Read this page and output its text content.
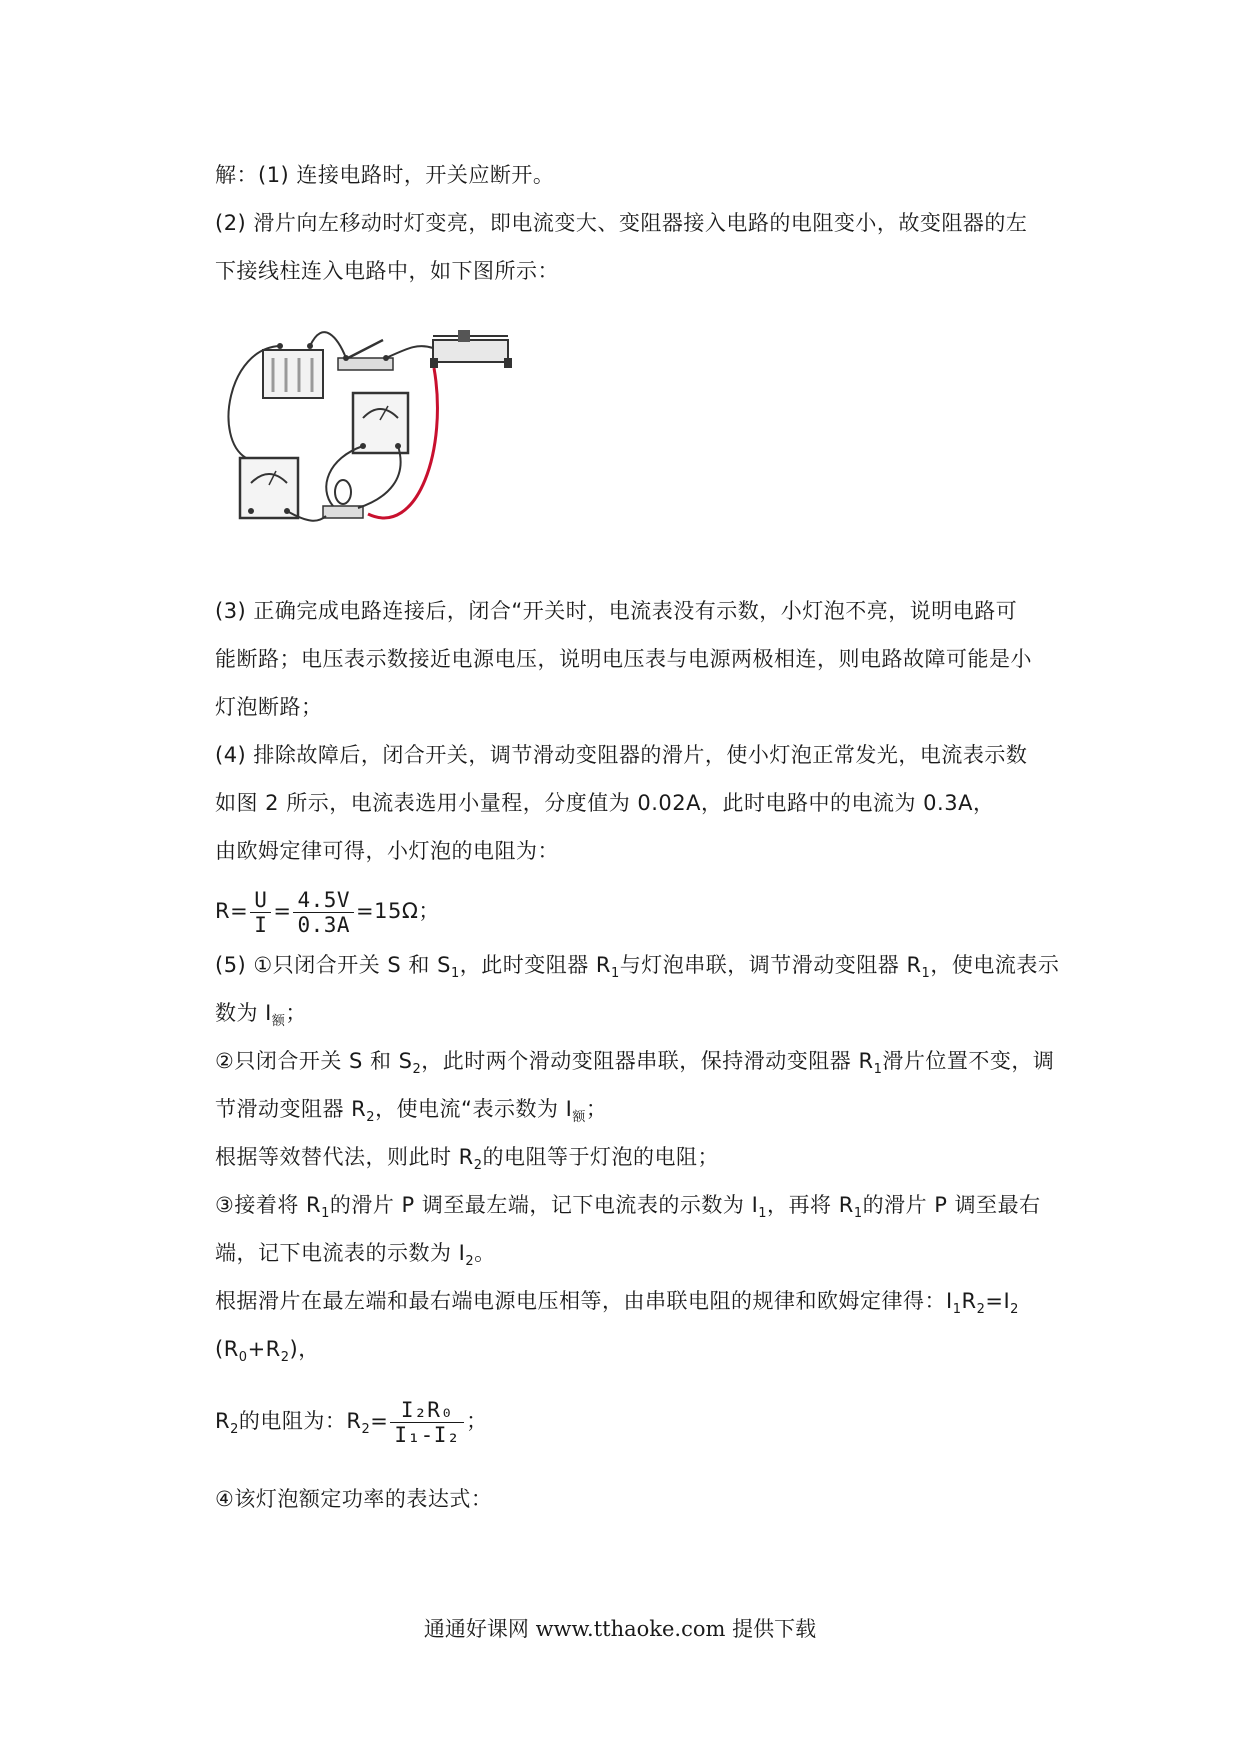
解：(1) 连接电路时，开关应断开。
(2) 滑片向左移动时灯变亮，即电流变大、变阻器接入电路的电阻变小，故变阻器的左
下接线柱连入电路中，如下图所示：
(3) 正确完成电路连接后，闭合“开关时，电流表没有示数，小灯泡不亮，说明电路可
能断路；电压表示数接近电源电压，说明电压表与电源两极相连，则电路故障可能是小
灯泡断路；
(4) 排除故障后，闭合开关，调节滑动变阻器的滑片，使小灯泡正常发光，电流表示数
如图 2 所示，电流表选用小量程，分度值为 0.02A，此时电路中的电流为 0.3A，
由欧姆定律可得，小灯泡的电阻为：
$R= \frac{U}{I} = \frac{4.5V}{0.3A} =15\Omega$；
(5) ①只闭合开关 S 和 $S_1$，此时变阻器 $R_1$与灯泡串联，调节滑动变阻器 $R_1$，使电流表示
数为 $I_额$；
②只闭合开关 S 和 $S_2$，此时两个滑动变阻器串联，保持滑动变阻器 $R_1$滑片位置不变，调
节滑动变阻器 $R_2$，使电流“表示数为 $I_额$；
根据等效替代法，则此时 $R_2$的电阻等于灯泡的电阻；
③接着将 $R_1$的滑片 P 调至最左端，记下电流表的示数为 $I_1$，再将 $R_1$的滑片 P 调至最右
端，记下电流表的示数为 $I_2$。
根据滑片在最左端和最右端电源电压相等，由串联电阻的规律和欧姆定律得：$I_1R_2=I_2$
$(R_0+R_2)$，
$R_2$的电阻为：$R_2= \frac{\text{I₂R₀}}{\text{I₁-I₂}}$ ；
④该灯泡额定功率的表达式：
通通好课网 www.tthaoke.com 提供下载
